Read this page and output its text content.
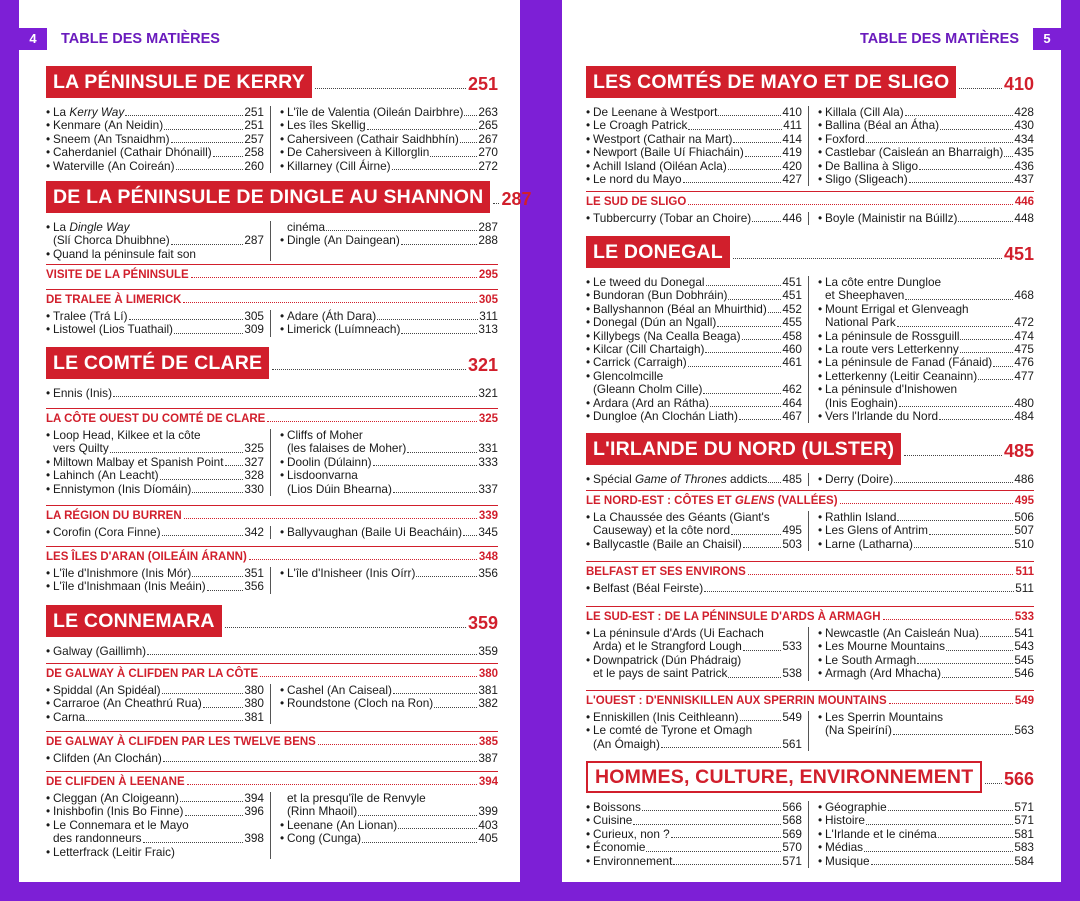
4	TABLE DES MATIÈRES
LA PÉNINSULE DE KERRY	251
• La Kerry Way	251
• Kenmare (An Neidin)	251
• Sneem (An Tsnaidhm)	257
• Caherdaniel (Cathair Dhónaill)	258
• Waterville (An Coireán)	260
• L'île de Valentia (Oileán Dairbhre) 263
• Les îles Skellig	265
• Cahersiveen (Cathair Saidhbhín) 267
• De Cahersiveen à Killorglin	270
• Killarney (Cill Áirne)	272
DE LA PÉNINSULE DE DINGLE AU SHANNON	287
• La Dingle Way
(Slí Chorca Dhuibhne)	287
• Quand la péninsule fait son
cinéma	287
• Dingle (An Daingean)	288
VISITE DE LA PÉNINSULE	295
DE TRALEE À LIMERICK	305
• Tralee (Trá Lí)	305
• Listowel (Lios Tuathail)	309
• Adare (Áth Dara)	311
• Limerick (Luímneach)	313
LE COMTÉ DE CLARE	321
• Ennis (Inis)	321
LA CÔTE OUEST DU COMTÉ DE CLARE	325
• Loop Head, Kilkee et la côte
vers Quilty	325
• Miltown Malbay et Spanish Point 327
• Lahinch (An Leacht)	328
• Ennistymon (Inis Díomáin)	330
• Cliffs of Moher
(les falaises de Moher)	331
• Doolin (Dúlainn)	333
• Lisdoonvarna
(Lios Dúin Bhearna)	337
LA RÉGION DU BURREN	339
• Corofin (Cora Finne)	342 • Ballyvaughan (Baile Ui Beacháin) 345
LES ÎLES D'ARAN (OILEÁIN ÁRANN)	348
• L'île d'Inishmore (Inis Mór)	351
• L'île d'Inishmaan (Inis Meáin)	356
• L'île d'Inisheer (Inis Oírr)	356
LE CONNEMARA	359
• Galway (Gaillimh)	359
DE GALWAY À CLIFDEN PAR LA CÔTE	380
• Spiddal (An Spidéal)	380
• Carraroe (An Cheathrú Rua)	380
• Carna	381
• Cashel (An Caiseal)	381
• Roundstone (Cloch na Ron)	382
DE GALWAY À CLIFDEN PAR LES TWELVE BENS	385
• Clifden (An Clochán)	387
DE CLIFDEN À LEENANE	394
• Cleggan (An Cloigeann)	394
• Inishbofin (Inis Bo Finne)	396
• Le Connemara et le Mayo
des randonneurs	398
• Letterfrack (Leitir Fraic)
et la presqu'île de Renvyle
(Rinn Mhaoil)	399
• Leenane (An Lionan)	403
• Cong (Cunga)	405
5
TABLE DES MATIÈRES
LES COMTÉS DE MAYO ET DE SLIGO	410
• De Leenane à Westport	410
• Le Croagh Patrick	411
• Westport (Cathair na Mart)	414
• Newport (Baile Uí Fhiacháin)	419
• Achill Island (Oiléan Acla)	420
• Le nord du Mayo	427
• Killala (Cill Ala)	428
• Ballina (Béal an Átha)	430
• Foxford	434
• Castlebar (Caisleán an Bharraigh) 435
• De Ballina à Sligo	436
• Sligo (Sligeach)	437
LE SUD DE SLIGO	446
• Tubbercurry (Tobar an Choire)	446 • Boyle (Mainistir na Búillz)	448
LE DONEGAL	451
• Le tweed du Donegal	451
• Bundoran (Bun Dobhráin)	451
• Ballyshannon (Béal an Mhuirthid) 452
• Donegal (Dún an Ngall)	455
• Killybegs (Na Cealla Beaga)	458
• Kilcar (Cill Chartaigh)	460
• Carrick (Carraigh)	461
• Glencolmcille
(Gleann Cholm Cille)	462
• Ardara (Ard an Rátha)	464
• Dungloe (An Clochán Liath)	467
• La côte entre Dungloe
et Sheephaven	468
• Mount Errigal et Glenveagh
National Park	472
• La péninsule de Rossguill	474
• La route vers Letterkenny	475
• La péninsule de Fanad (Fánaid) 476
• Letterkenny (Leitir Ceanainn)	477
• La péninsule d'Inishowen
(Inis Eoghain)	480
• Vers l'Irlande du Nord	484
L'IRLANDE DU NORD (ULSTER)	485
• Spécial Game of Thrones addicts 485 • Derry (Doire)	486
LE NORD-EST : CÔTES ET GLENS (VALLÉES)	495
• La Chaussée des Géants (Giant's
Causeway) et la côte nord	495
• Ballycastle (Baile an Chaisil)	503
• Rathlin Island	506
• Les Glens of Antrim	507
• Larne (Latharna)	510
BELFAST ET SES ENVIRONS	511
• Belfast (Béal Feirste)	511
LE SUD-EST : DE LA PÉNINSULE D'ARDS À ARMAGH	533
• La péninsule d'Ards (Ui Eachach
Arda) et le Strangford Lough	533
• Downpatrick (Dún Phádraig)
et le pays de saint Patrick	538
• Newcastle (An Caisleán Nua)	541
• Les Mourne Mountains	543
• Le South Armagh	545
• Armagh (Ard Mhacha)	546
L'OUEST : D'ENNISKILLEN AUX SPERRIN MOUNTAINS	549
• Enniskillen (Inis Ceithleann)	549
• Le comté de Tyrone et Omagh
(An Ómaigh)	561
• Les Sperrin Mountains
(Na Speiríní)	563
HOMMES, CULTURE, ENVIRONNEMENT	566
• Boissons	566
• Cuisine	568
• Curieux, non ?	569
• Économie	570
• Environnement	571
• Géographie	571
• Histoire	571
• L'Irlande et le cinéma	581
• Médias	583
• Musique	584
